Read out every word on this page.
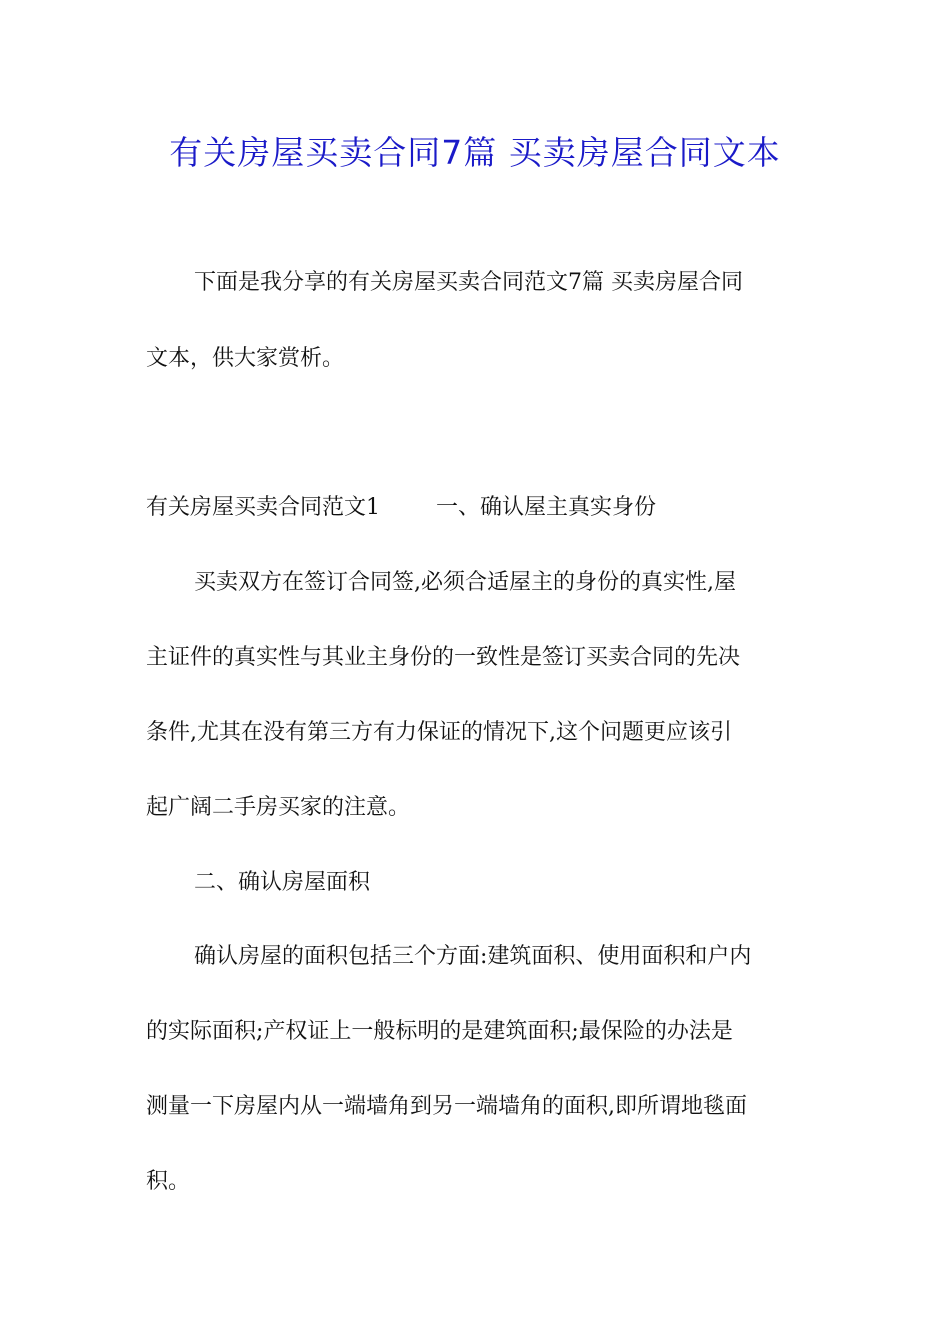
有关房屋买卖合同7篇 买卖房屋合同文本

下面是我分享的有关房屋买卖合同范文7篇 买卖房屋合同

文本，供大家赏析。

有关房屋买卖合同范文1	一、确认屋主真实身份

买卖双方在签订合同签,必须合适屋主的身份的真实性,屋

主证件的真实性与其业主身份的一致性是签订买卖合同的先决

条件,尤其在没有第三方有力保证的情况下,这个问题更应该引

起广阔二手房买家的注意。

二、确认房屋面积

确认房屋的面积包括三个方面:建筑面积、使用面积和户内

的实际面积;产权证上一般标明的是建筑面积;最保险的办法是

测量一下房屋内从一端墙角到另一端墙角的面积,即所谓地毯面

积。
